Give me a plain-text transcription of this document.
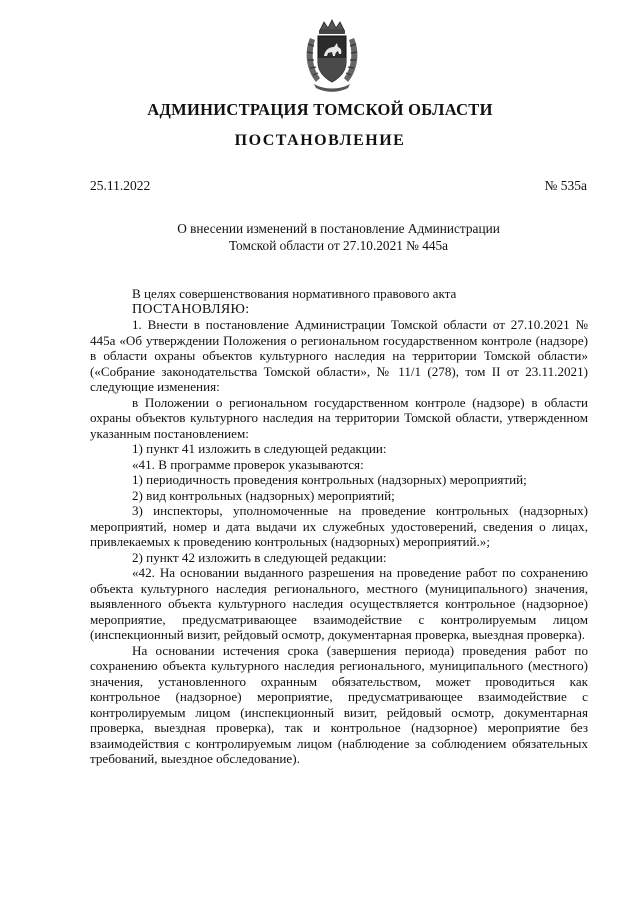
АДМИНИСТРАЦИЯ ТОМСКОЙ ОБЛАСТИ
ПОСТАНОВЛЕНИЕ
25.11.2022	№ 535а
О внесении изменений в постановление Администрации
Томской области от 27.10.2021 № 445а

В целях совершенствования нормативного правового акта

ПОСТАНОВЛЯЮ:

1. Внести в постановление Администрации Томской области от 27.10.2021 № 445а «Об утверждении Положения о региональном государственном контроле (надзоре) в области охраны объектов культурного наследия на территории Томской области» («Собрание законодательства Томской области», № 11/1 (278), том II от 23.11.2021) следующие изменения:

в Положении о региональном государственном контроле (надзоре) в области охраны объектов культурного наследия на территории Томской области, утвержденном указанным постановлением:

1) пункт 41 изложить в следующей редакции:

«41. В программе проверок указываются:

1) периодичность проведения контрольных (надзорных) мероприятий;

2) вид контрольных (надзорных) мероприятий;

3) инспекторы, уполномоченные на проведение контрольных (надзорных) мероприятий, номер и дата выдачи их служебных удостоверений, сведения о лицах, привлекаемых к проведению контрольных (надзорных) мероприятий.»;

2) пункт 42 изложить в следующей редакции:

«42. На основании выданного разрешения на проведение работ по сохранению объекта культурного наследия регионального, местного (муниципального) значения, выявленного объекта культурного наследия осуществляется контрольное (надзорное) мероприятие, предусматривающее взаимодействие с контролируемым лицом (инспекционный визит, рейдовый осмотр, документарная проверка, выездная проверка).

На основании истечения срока (завершения периода) проведения работ по сохранению объекта культурного наследия регионального, муниципального (местного) значения, установленного охранным обязательством, может проводиться как контрольное (надзорное) мероприятие, предусматривающее взаимодействие с контролируемым лицом (инспекционный визит, рейдовый осмотр, документарная проверка, выездная проверка), так и контрольное (надзорное) мероприятие без взаимодействия с контролируемым лицом (наблюдение за соблюдением обязательных требований, выездное обследование).
